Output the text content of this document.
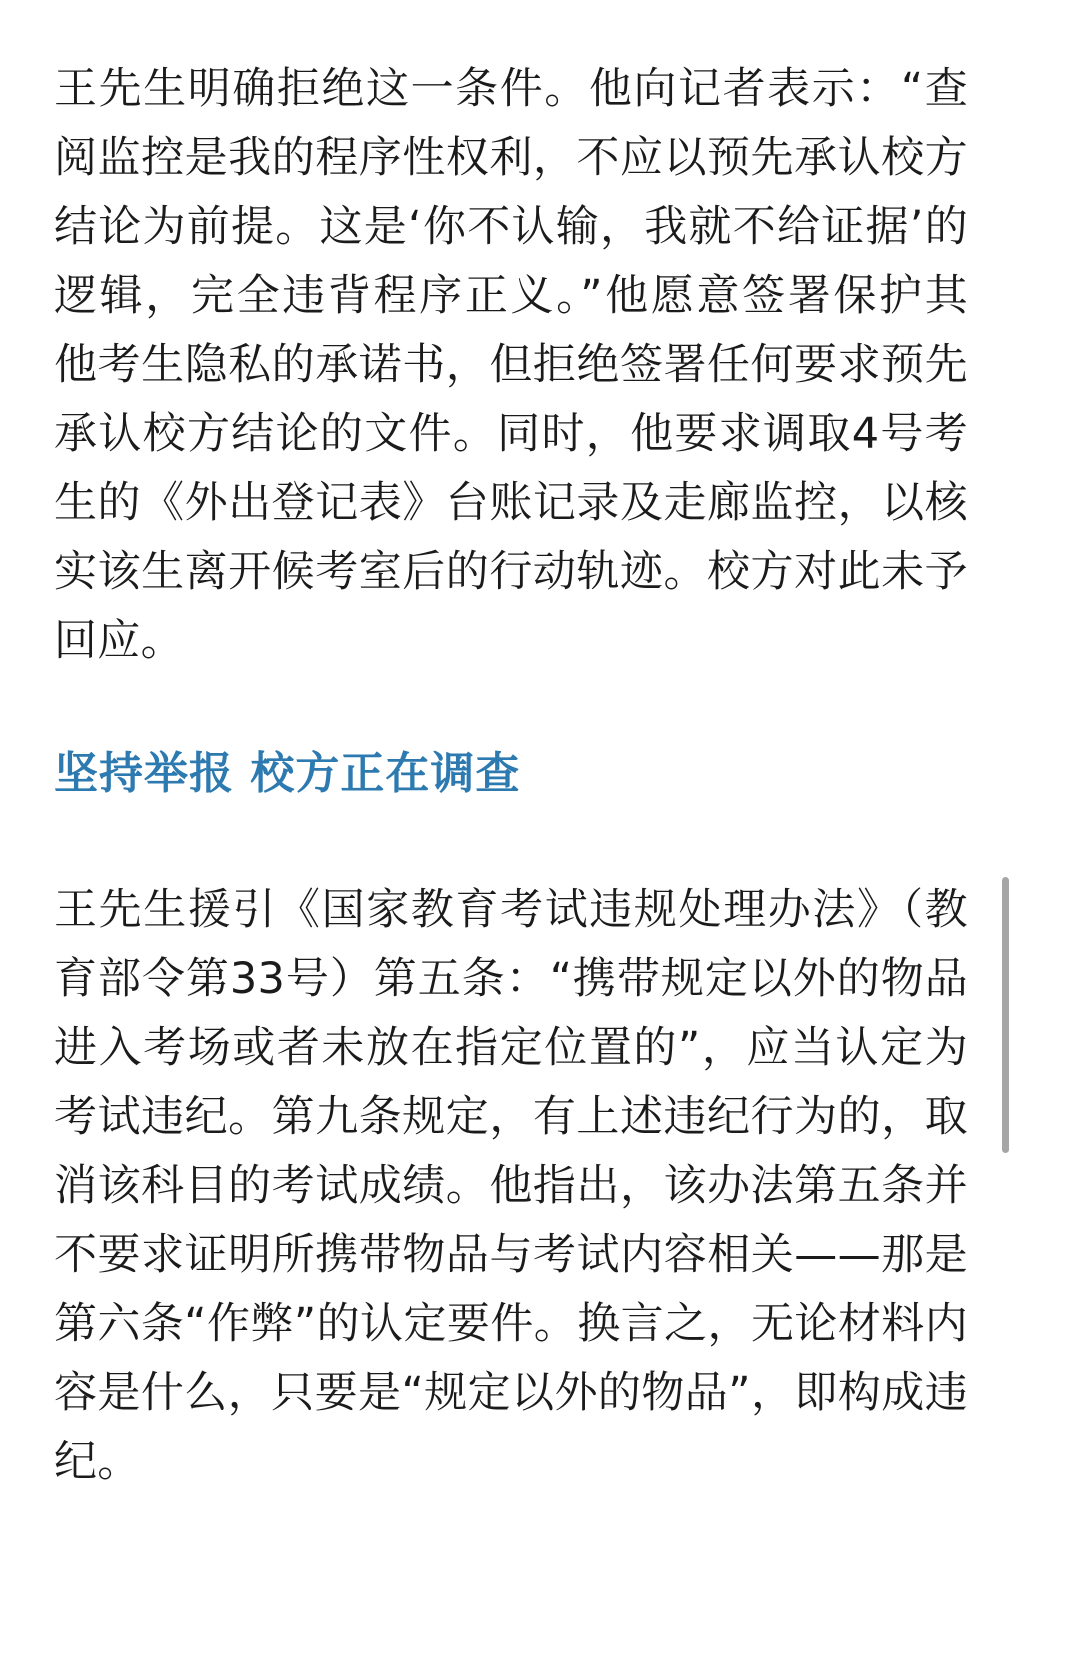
王先生明确拒绝这一条件。他向记者表示：“查
阅监控是我的程序性权利，不应以预先承认校方
结论为前提。这是‘你不认输，我就不给证据’的
逻辑，完全违背程序正义。”他愿意签署保护其
他考生隐私的承诺书，但拒绝签署任何要求预先
承认校方结论的文件。同时，他要求调取4号考
生的《外出登记表》台账记录及走廊监控，以核
实该生离开候考室后的行动轨迹。校方对此未予
回应。
坚持举报 校方正在调查
王先生援引《国家教育考试违规处理办法》（教
育部令第33号）第五条：“携带规定以外的物品
进入考场或者未放在指定位置的”，应当认定为
考试违纪。第九条规定，有上述违纪行为的，取
消该科目的考试成绩。他指出，该办法第五条并
不要求证明所携带物品与考试内容相关——那是
第六条“作弊”的认定要件。换言之，无论材料内
容是什么，只要是“规定以外的物品”，即构成违
纪。
